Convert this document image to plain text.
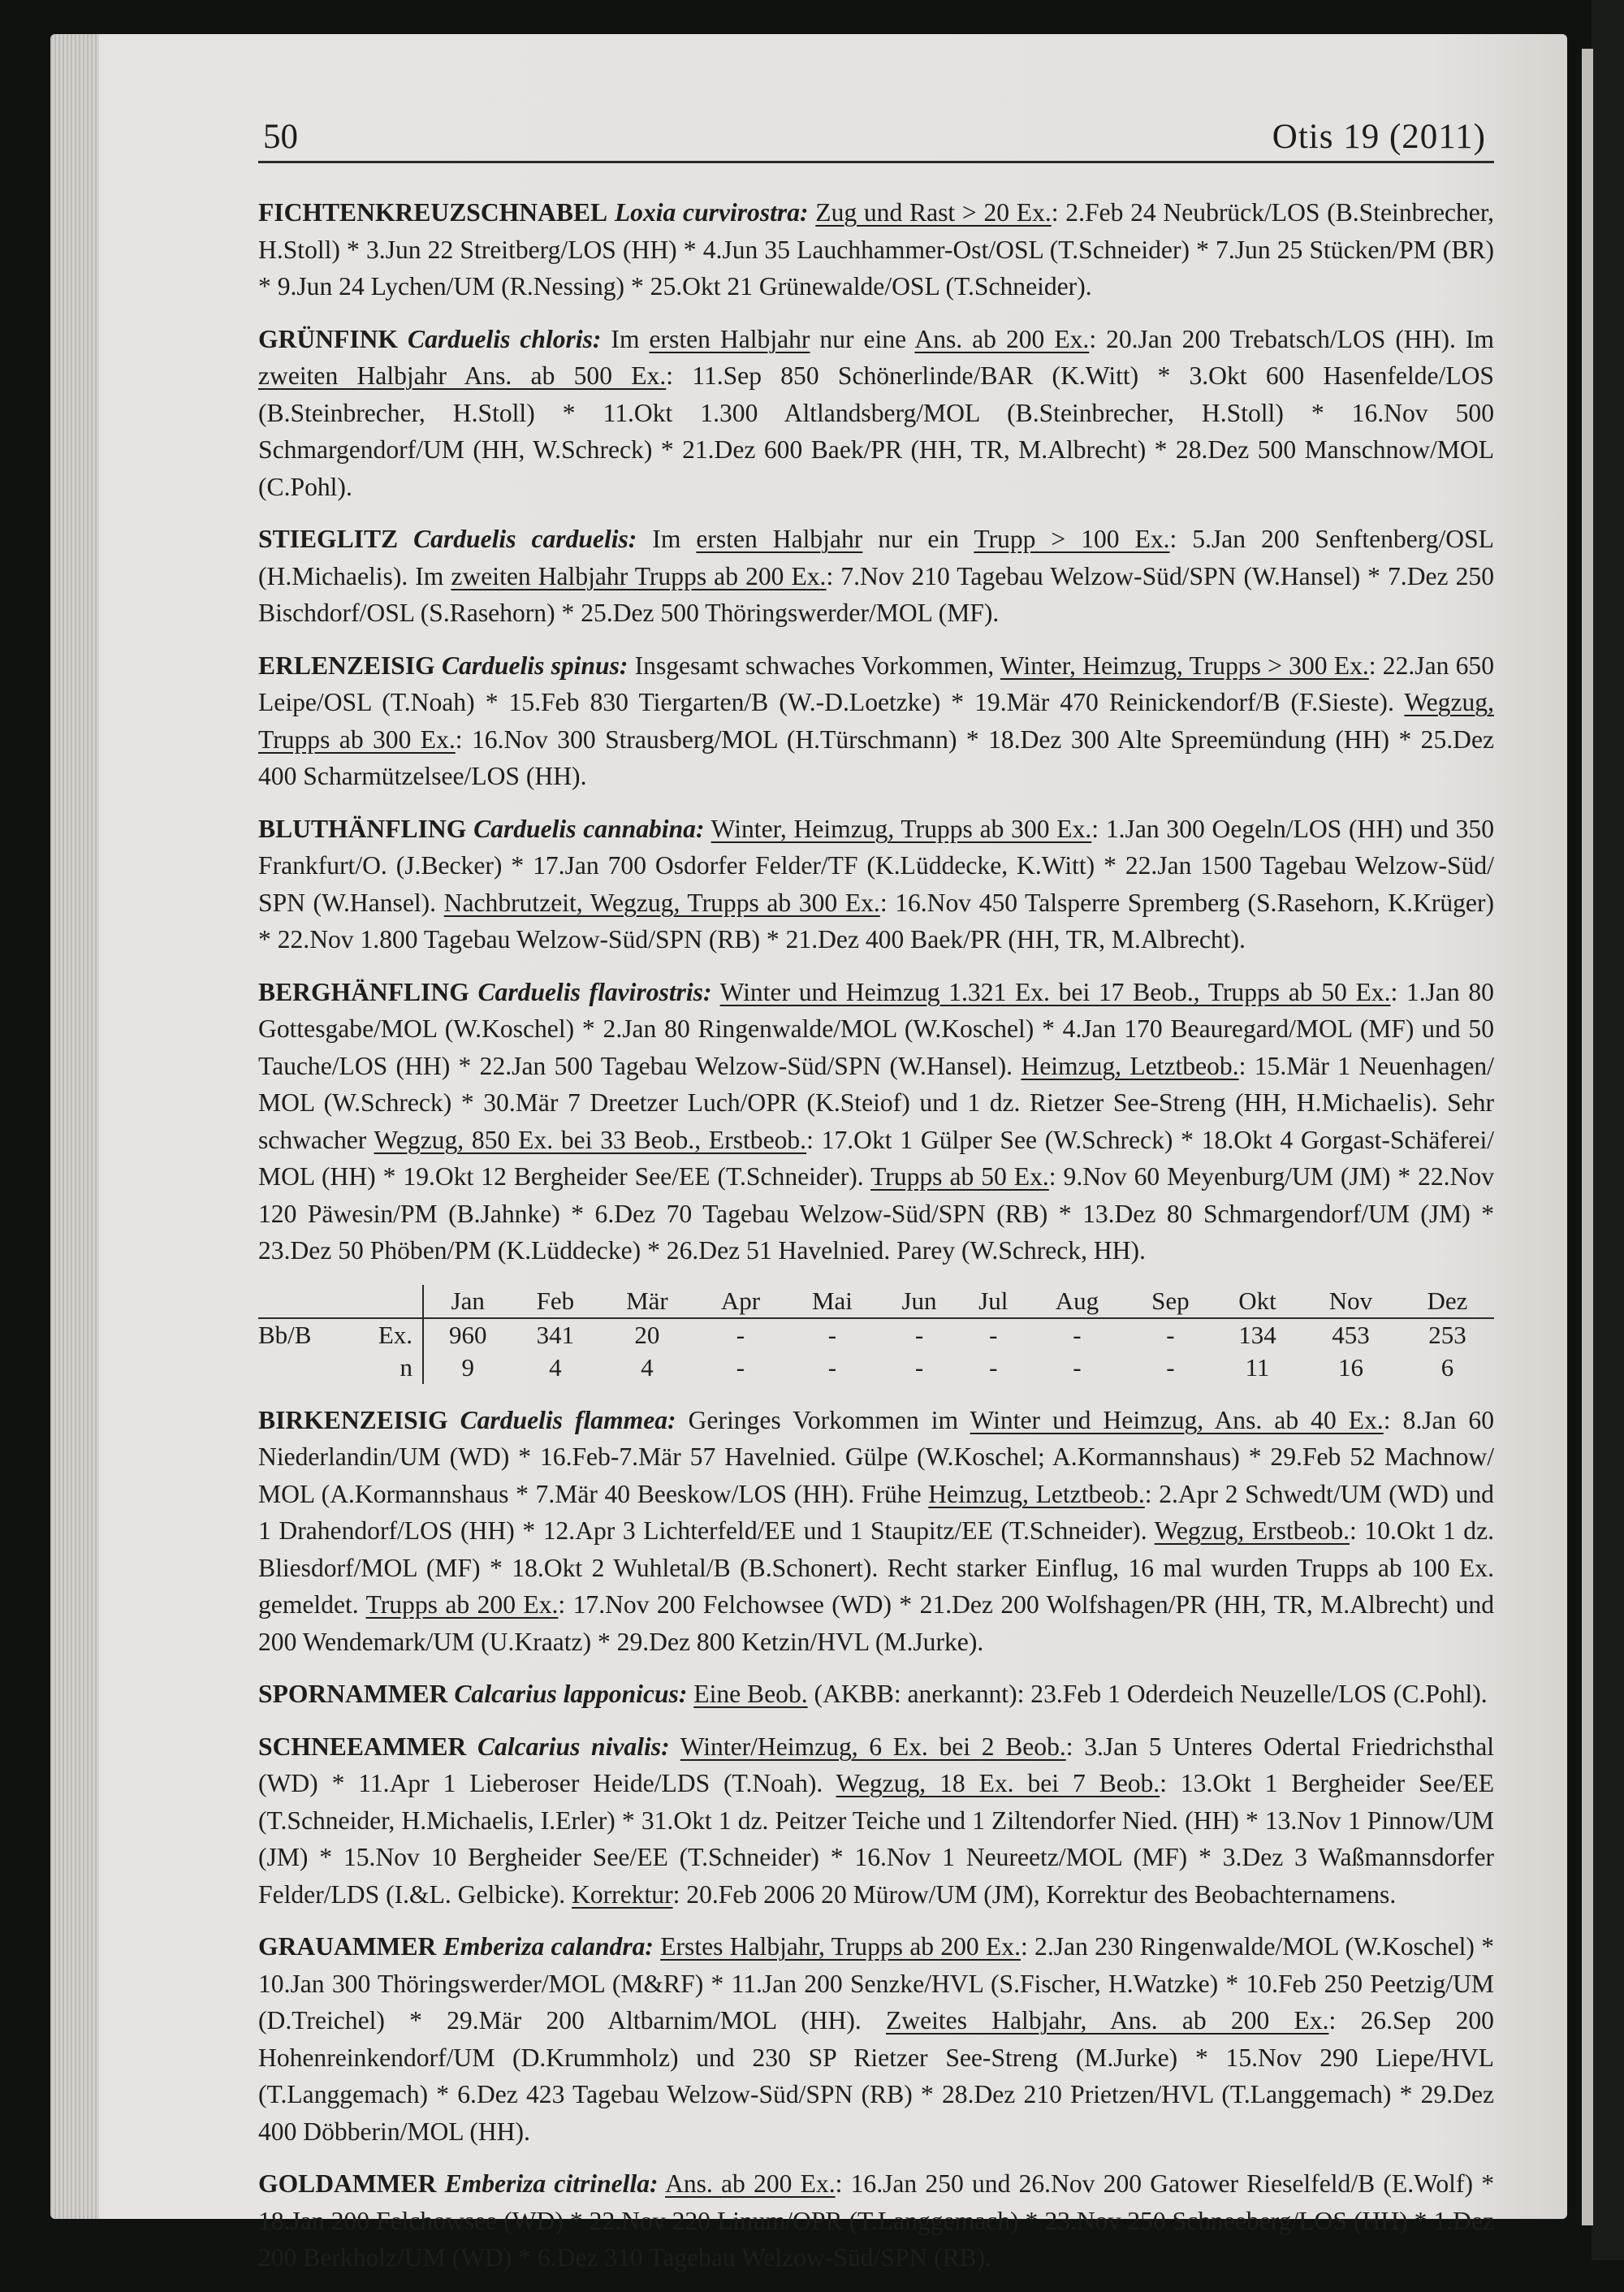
50	Otis 19 (2011)

FICHTENKREUZSCHNABEL Loxia curvirostra: Zug und Rast > 20 Ex.: 2.Feb 24 Neubrück/LOS (B.Steinbrecher, H.Stoll) * 3.Jun 22 Streitberg/LOS (HH) * 4.Jun 35 Lauchhammer-Ost/OSL (T.Schneider) * 7.Jun 25 Stücken/PM (BR) * 9.Jun 24 Lychen/UM (R.Nessing) * 25.Okt 21 Grünewalde/OSL (T.Schneider).

GRÜNFINK Carduelis chloris: Im ersten Halbjahr nur eine Ans. ab 200 Ex.: 20.Jan 200 Trebatsch/LOS (HH). Im zweiten Halbjahr Ans. ab 500 Ex.: 11.Sep 850 Schönerlinde/BAR (K.Witt) * 3.Okt 600 Hasenfelde/LOS (B.Steinbrecher, H.Stoll) * 11.Okt 1.300 Altlandsberg/MOL (B.Steinbrecher, H.Stoll) * 16.Nov 500 Schmargendorf/UM (HH, W.Schreck) * 21.Dez 600 Baek/PR (HH, TR, M.Albrecht) * 28.Dez 500 Manschnow/MOL (C.Pohl).

STIEGLITZ Carduelis carduelis: Im ersten Halbjahr nur ein Trupp > 100 Ex.: 5.Jan 200 Senftenberg/OSL (H.Michaelis). Im zweiten Halbjahr Trupps ab 200 Ex.: 7.Nov 210 Tagebau Welzow-Süd/SPN (W.Hansel) * 7.Dez 250 Bischdorf/OSL (S.Rasehorn) * 25.Dez 500 Thöringswerder/MOL (MF).

ERLENZEISIG Carduelis spinus: Insgesamt schwaches Vorkommen, Winter, Heimzug, Trupps > 300 Ex.: 22.Jan 650 Leipe/OSL (T.Noah) * 15.Feb 830 Tiergarten/B (W.-D.Loetzke) * 19.Mär 470 Reinickendorf/B (F.Sieste). Wegzug, Trupps ab 300 Ex.: 16.Nov 300 Strausberg/MOL (H.Türschmann) * 18.Dez 300 Alte Spreemündung (HH) * 25.Dez 400 Scharmützelsee/LOS (HH).

BLUTHÄNFLING Carduelis cannabina: Winter, Heimzug, Trupps ab 300 Ex.: 1.Jan 300 Oegeln/LOS (HH) und 350 Frankfurt/O. (J.Becker) * 17.Jan 700 Osdorfer Felder/TF (K.Lüddecke, K.Witt) * 22.Jan 1500 Tagebau Welzow-Süd/ SPN (W.Hansel). Nachbrutzeit, Wegzug, Trupps ab 300 Ex.: 16.Nov 450 Talsperre Spremberg (S.Rasehorn, K.Krüger) * 22.Nov 1.800 Tagebau Welzow-Süd/SPN (RB) * 21.Dez 400 Baek/PR (HH, TR, M.Albrecht).

BERGHÄNFLING Carduelis flavirostris: Winter und Heimzug 1.321 Ex. bei 17 Beob., Trupps ab 50 Ex.: 1.Jan 80 Gottesgabe/MOL (W.Koschel) * 2.Jan 80 Ringenwalde/MOL (W.Koschel) * 4.Jan 170 Beauregard/MOL (MF) und 50 Tauche/LOS (HH) * 22.Jan 500 Tagebau Welzow-Süd/SPN (W.Hansel). Heimzug, Letztbeob.: 15.Mär 1 Neuenhagen/ MOL (W.Schreck) * 30.Mär 7 Dreetzer Luch/OPR (K.Steiof) und 1 dz. Rietzer See-Streng (HH, H.Michaelis). Sehr schwacher Wegzug, 850 Ex. bei 33 Beob., Erstbeob.: 17.Okt 1 Gülper See (W.Schreck) * 18.Okt 4 Gorgast-Schäferei/ MOL (HH) * 19.Okt 12 Bergheider See/EE (T.Schneider). Trupps ab 50 Ex.: 9.Nov 60 Meyenburg/UM (JM) * 22.Nov 120 Päwesin/PM (B.Jahnke) * 6.Dez 70 Tagebau Welzow-Süd/SPN (RB) * 13.Dez 80 Schmargendorf/UM (JM) * 23.Dez 50 Phöben/PM (K.Lüddecke) * 26.Dez 51 Havelnied. Parey (W.Schreck, HH).

		Jan	Feb	Mär	Apr	Mai	Jun	Jul	Aug	Sep	Okt	Nov	Dez
Bb/B	Ex.	960	341	20	-	-	-	-	-	-	134	453	253
	n	9	4	4	-	-	-	-	-	-	11	16	6

BIRKENZEISIG Carduelis flammea: Geringes Vorkommen im Winter und Heimzug, Ans. ab 40 Ex.: 8.Jan 60 Niederlandin/UM (WD) * 16.Feb-7.Mär 57 Havelnied. Gülpe (W.Koschel; A.Kormannshaus) * 29.Feb 52 Machnow/ MOL (A.Kormannshaus * 7.Mär 40 Beeskow/LOS (HH). Frühe Heimzug, Letztbeob.: 2.Apr 2 Schwedt/UM (WD) und 1 Drahendorf/LOS (HH) * 12.Apr 3 Lichterfeld/EE und 1 Staupitz/EE (T.Schneider). Wegzug, Erstbeob.: 10.Okt 1 dz. Bliesdorf/MOL (MF) * 18.Okt 2 Wuhletal/B (B.Schonert). Recht starker Einflug, 16 mal wurden Trupps ab 100 Ex. gemeldet. Trupps ab 200 Ex.: 17.Nov 200 Felchowsee (WD) * 21.Dez 200 Wolfshagen/PR (HH, TR, M.Albrecht) und 200 Wendemark/UM (U.Kraatz) * 29.Dez 800 Ketzin/HVL (M.Jurke).

SPORNAMMER Calcarius lapponicus: Eine Beob. (AKBB: anerkannt): 23.Feb 1 Oderdeich Neuzelle/LOS (C.Pohl).

SCHNEEAMMER Calcarius nivalis: Winter/Heimzug, 6 Ex. bei 2 Beob.: 3.Jan 5 Unteres Odertal Friedrichsthal (WD) * 11.Apr 1 Lieberoser Heide/LDS (T.Noah). Wegzug, 18 Ex. bei 7 Beob.: 13.Okt 1 Bergheider See/EE (T.Schneider, H.Michaelis, I.Erler) * 31.Okt 1 dz. Peitzer Teiche und 1 Ziltendorfer Nied. (HH) * 13.Nov 1 Pinnow/UM (JM) * 15.Nov 10 Bergheider See/EE (T.Schneider) * 16.Nov 1 Neureetz/MOL (MF) * 3.Dez 3 Waßmannsdorfer Felder/LDS (I.&L. Gelbicke). Korrektur: 20.Feb 2006 20 Mürow/UM (JM), Korrektur des Beobachternamens.

GRAUAMMER Emberiza calandra: Erstes Halbjahr, Trupps ab 200 Ex.: 2.Jan 230 Ringenwalde/MOL (W.Koschel) * 10.Jan 300 Thöringswerder/MOL (M&RF) * 11.Jan 200 Senzke/HVL (S.Fischer, H.Watzke) * 10.Feb 250 Peetzig/UM (D.Treichel) * 29.Mär 200 Altbarnim/MOL (HH). Zweites Halbjahr, Ans. ab 200 Ex.: 26.Sep 200 Hohenreinkendorf/UM (D.Krummholz) und 230 SP Rietzer See-Streng (M.Jurke) * 15.Nov 290 Liepe/HVL (T.Langgemach) * 6.Dez 423 Tagebau Welzow-Süd/SPN (RB) * 28.Dez 210 Prietzen/HVL (T.Langgemach) * 29.Dez 400 Döbberin/MOL (HH).

GOLDAMMER Emberiza citrinella: Ans. ab 200 Ex.: 16.Jan 250 und 26.Nov 200 Gatower Rieselfeld/B (E.Wolf) * 18.Jan 200 Felchowsee (WD) * 22.Nov 220 Linum/OPR (T.Langgemach) * 23.Nov 250 Schneeberg/LOS (HH) * 1.Dez 200 Berkholz/UM (WD) * 6.Dez 310 Tagebau Welzow-Süd/SPN (RB).
